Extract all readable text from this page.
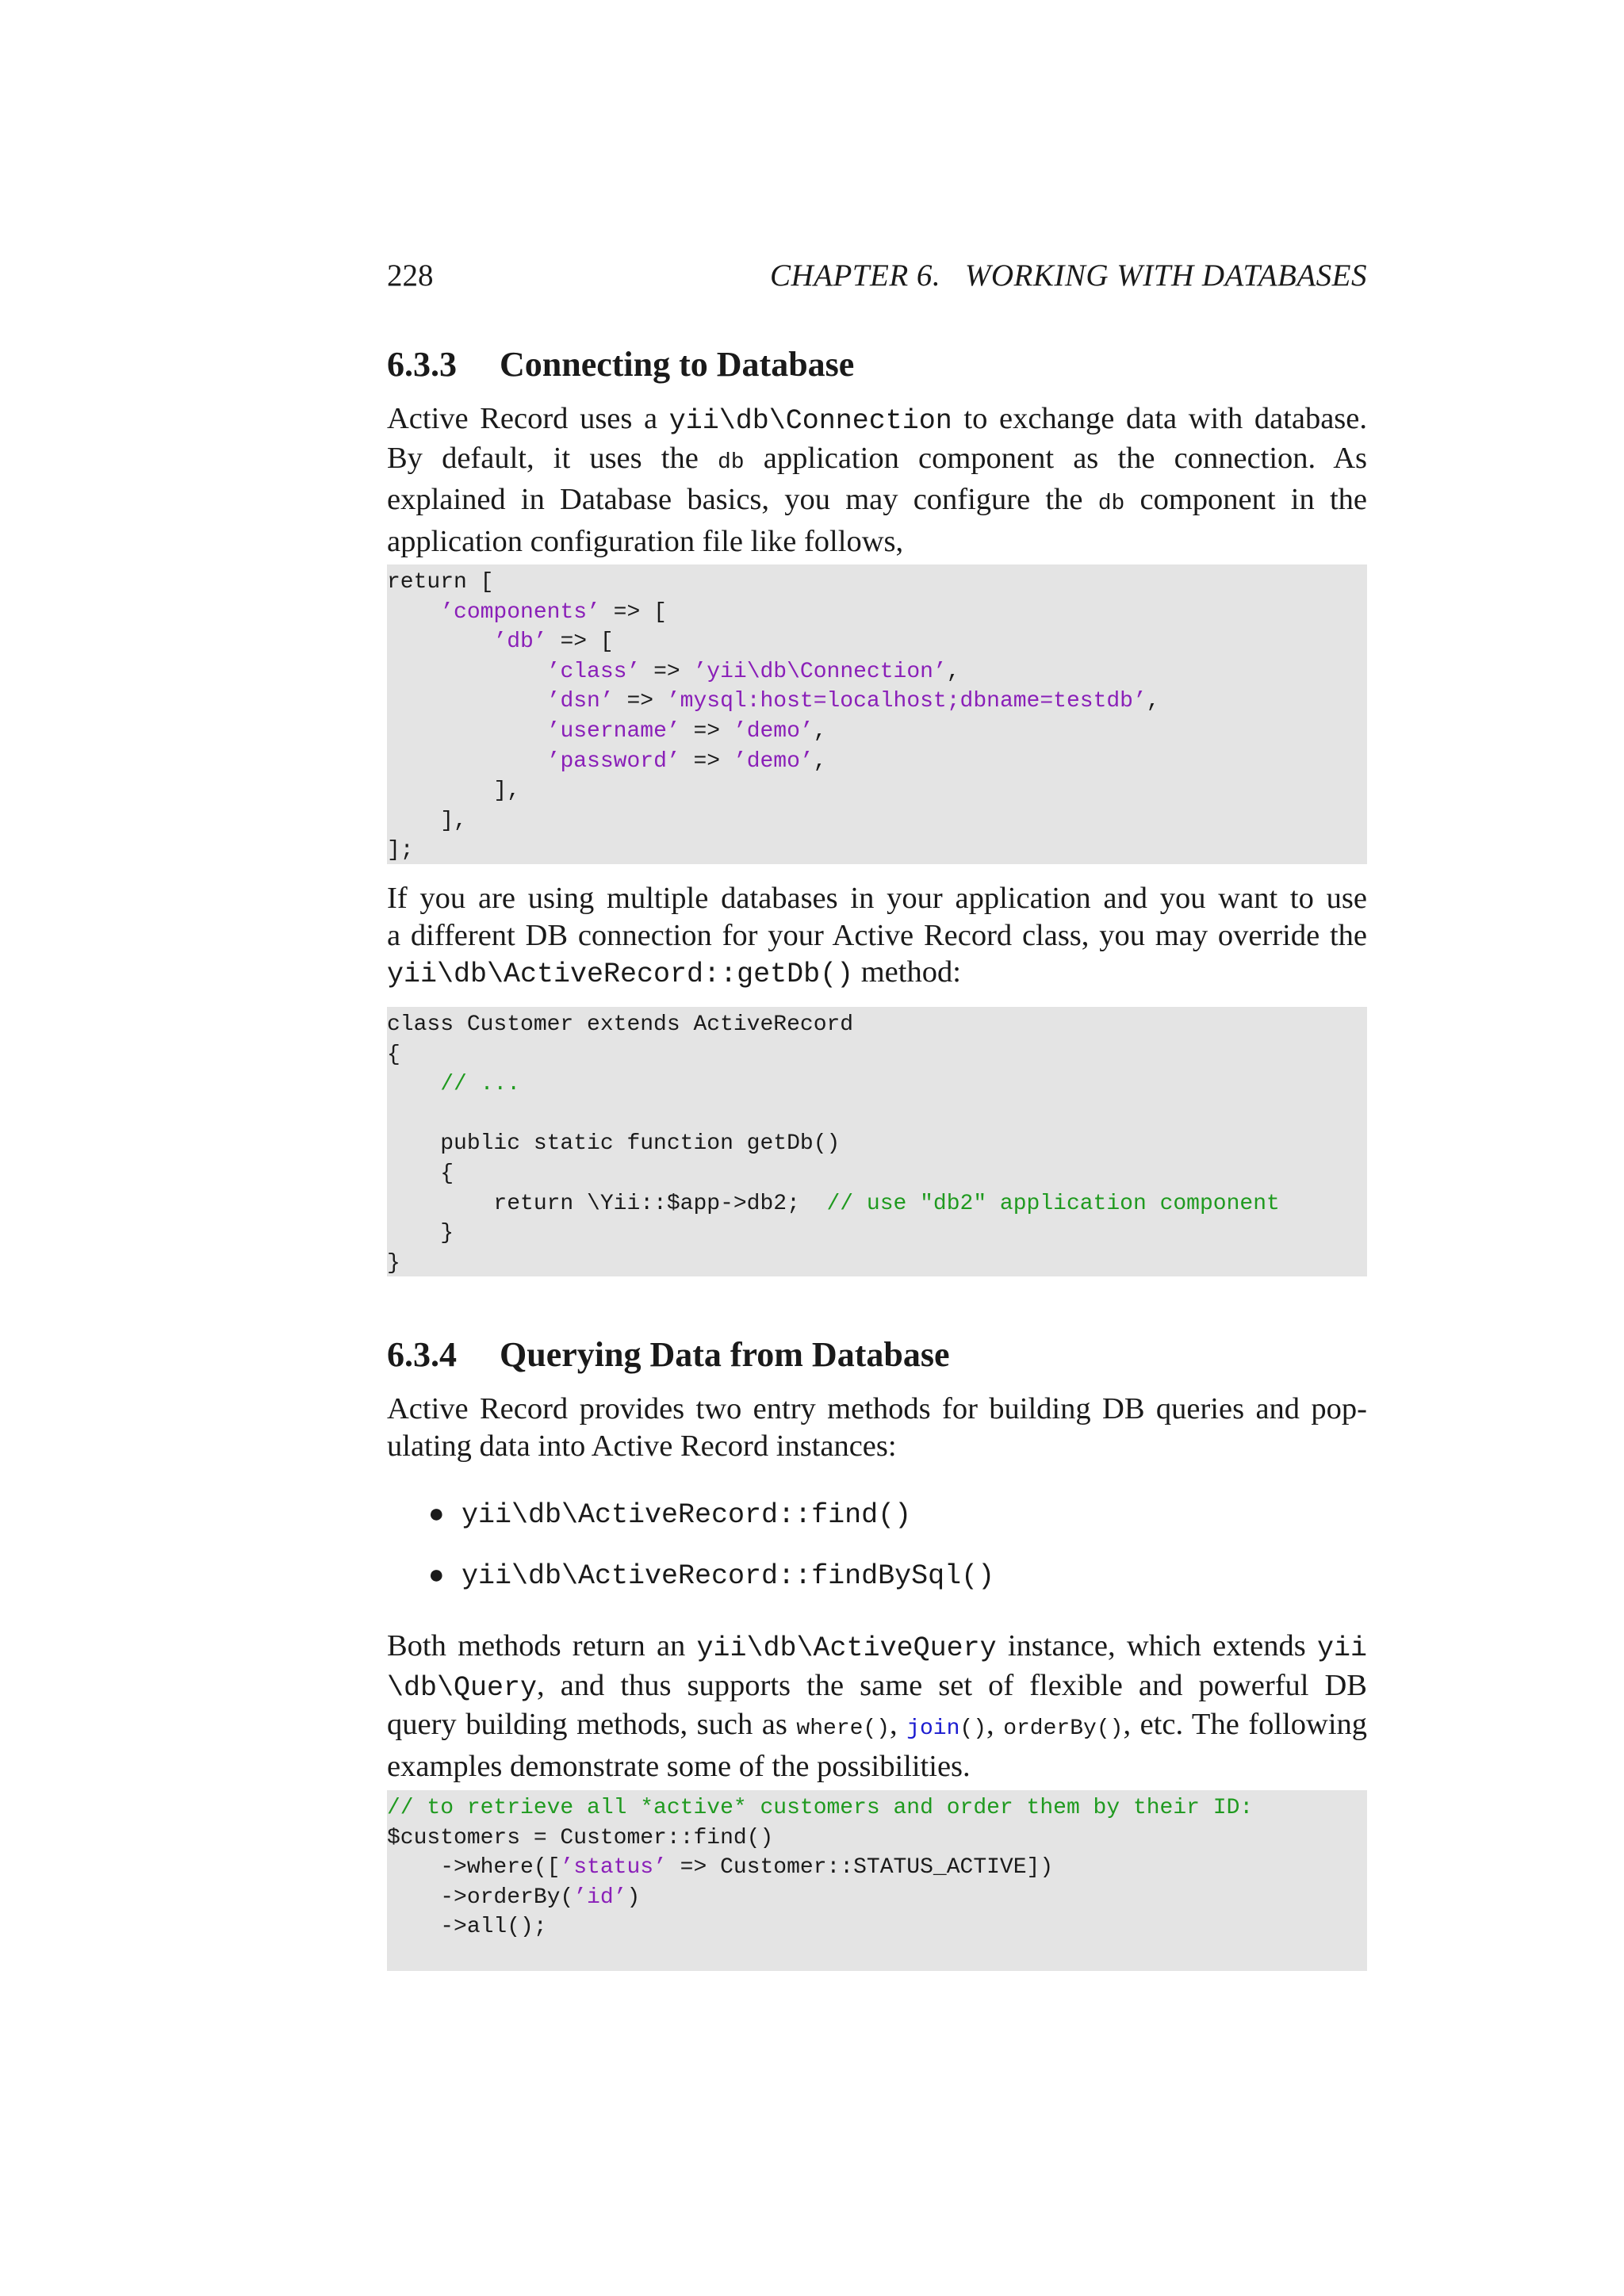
228	CHAPTER 6.   WORKING WITH DATABASES
6.3.3 Connecting to Database
Active Record uses a yii\db\Connection to exchange data with database.
By default, it uses the db application component as the connection. As
explained in Database basics, you may configure the db component in the
application configuration file like follows,
return [
’components’ => [
’db’ => [
’class’ => ’yii\db\Connection’,
’dsn’ => ’mysql:host=localhost;dbname=testdb’,
’username’ => ’demo’,
’password’ => ’demo’,
],
],
];
If you are using multiple databases in your application and you want to use
a different DB connection for your Active Record class, you may override the
yii\db\ActiveRecord::getDb() method:
class Customer extends ActiveRecord
{
// ...
public static function getDb()
{
return \Yii::$app->db2;  // use "db2" application component
}
}
6.3.4 Querying Data from Database
Active Record provides two entry methods for building DB queries and pop-
ulating data into Active Record instances:
● yii\db\ActiveRecord::find()
● yii\db\ActiveRecord::findBySql()
Both methods return an yii\db\ActiveQuery instance, which extends yii
\db\Query, and thus supports the same set of flexible and powerful DB
query building methods, such as where(), join(), orderBy(), etc. The following
examples demonstrate some of the possibilities.
// to retrieve all *active* customers and order them by their ID:
$customers = Customer::find()
->where([’status’ => Customer::STATUS_ACTIVE])
->orderBy(’id’)
->all();
